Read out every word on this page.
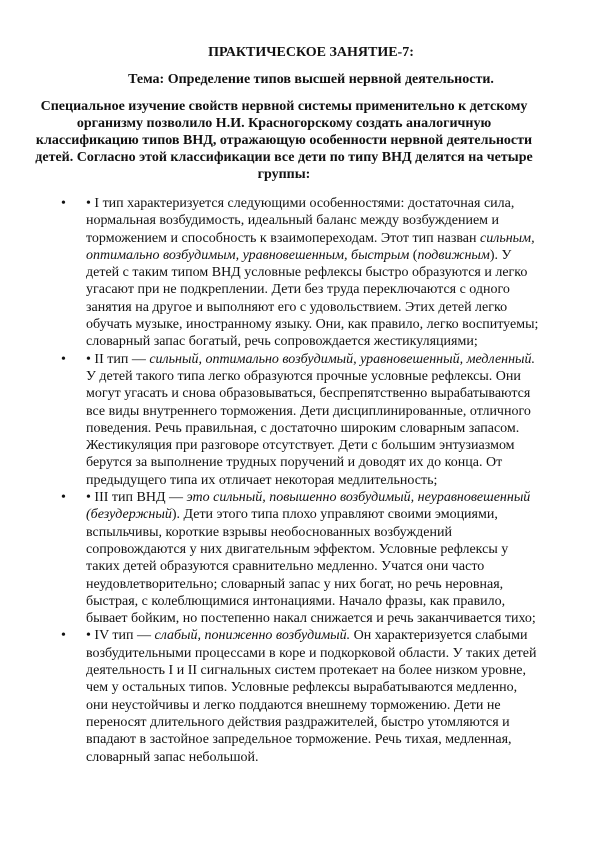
ПРАКТИЧЕСКОЕ ЗАНЯТИЕ-7:
Тема: Определение типов высшей нервной деятельности.
Специальное изучение свойств нервной системы применительно к детскому организму позволило Н.И. Красногорскому создать аналогичную классификацию типов ВНД, отражающую особенности нервной деятельности детей. Согласно этой классификации все дети по типу ВНД делятся на четыре группы:
• • I тип характеризуется следующими особенностями: достаточная сила, нормальная возбудимость, идеальный баланс между возбуждением и торможением и способность к взаимопереходам. Этот тип назван сильным, оптимально возбудимым, уравновешенным, быстрым (подвижным). У детей с таким типом ВНД условные рефлексы быстро образуются и легко угасают при не подкреплении. Дети без труда переключаются с одного занятия на другое и выполняют его с удовольствием. Этих детей легко обучать музыке, иностранному языку. Они, как правило, легко воспитуемы; словарный запас богатый, речь сопровождается жестикуляциями;
• • II тип — сильный, оптимально возбудимый, уравновешенный, медленный. У детей такого типа легко образуются прочные условные рефлексы. Они могут угасать и снова образовываться, беспрепятственно вырабатываются все виды внутреннего торможения. Дети дисциплинированные, отличного поведения. Речь правильная, с достаточно широким словарным запасом. Жестикуляция при разговоре отсутствует. Дети с большим энтузиазмом берутся за выполнение трудных поручений и доводят их до конца. От предыдущего типа их отличает некоторая медлительность;
• • III тип ВНД — это сильный, повышенно возбудимый, неуравновешенный (безудержный). Дети этого типа плохо управляют своими эмоциями, вспыльчивы, короткие взрывы необоснованных возбуждений сопровождаются у них двигательным эффектом. Условные рефлексы у таких детей образуются сравнительно медленно. Учатся они часто неудовлетворительно; словарный запас у них богат, но речь неровная, быстрая, с колеблющимися интонациями. Начало фразы, как правило, бывает бойким, но постепенно накал снижается и речь заканчивается тихо;
• • IV тип — слабый, пониженно возбудимый. Он характеризуется слабыми возбудительными процессами в коре и подкорковой области. У таких детей деятельность I и II сигнальных систем протекает на более низком уровне, чем у остальных типов. Условные рефлексы вырабатываются медленно, они неустойчивы и легко поддаются внешнему торможению. Дети не переносят длительного действия раздражителей, быстро утомляются и впадают в застойное запредельное торможение. Речь тихая, медленная, словарный запас небольшой.
